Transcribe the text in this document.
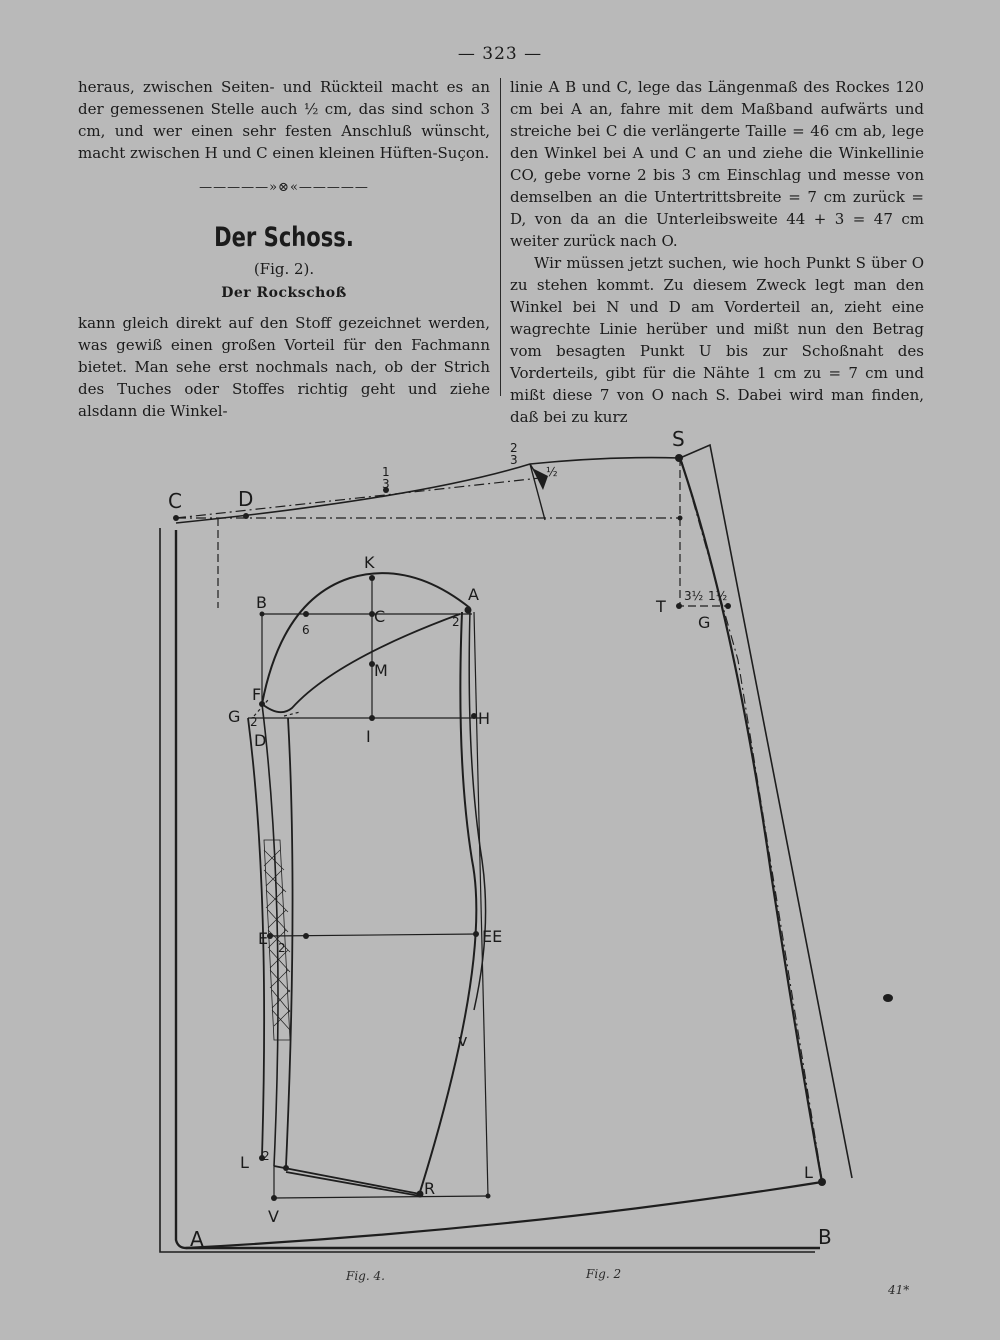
— 323 —

heraus, zwischen Seiten- und Rückteil macht es an der gemessenen Stelle auch ½ cm, das sind schon 3 cm, und wer einen sehr festen Anschluß wünscht, macht zwischen H und C einen kleinen Hüften-Suçon.

—————»⊗«—————
Der Schoss.
(Fig. 2).
Der Rockschoß

kann gleich direkt auf den Stoff gezeichnet werden, was gewiß einen großen Vorteil für den Fachmann bietet. Man sehe erst nochmals nach, ob der Strich des Tuches oder Stoffes richtig geht und ziehe alsdann die Winkel-

linie A B und C, lege das Längenmaß des Rockes 120 cm bei A an, fahre mit dem Maßband aufwärts und streiche bei C die verlängerte Taille = 46 cm ab, lege den Winkel bei A und C an und ziehe die Winkellinie CO, gebe vorne 2 bis 3 cm Einschlag und messe von demselben an die Untertrittsbreite = 7 cm zurück = D, von da an die Unterleibsweite 44 + 3 = 47 cm weiter zurück nach O.

Wir müssen jetzt suchen, wie hoch Punkt S über O zu stehen kommt. Zu diesem Zweck legt man den Winkel bei N und D am Vorderteil an, zieht eine wagrechte Linie herüber und mißt nun den Betrag vom besagten Punkt U bis zur Schoßnaht des Vorderteils, gibt für die Nähte 1 cm zu = 7 cm und mißt diese 7 von O nach S. Dabei wird man finden, daß bei zu kurz

S
C	D
1
3
2
3
½
K
B
C
A
6
2
M
F
G 2
D	I
H
E 2
EE
L 2
R
V
v
T
3½ 1½
G
L
A	B
Fig. 4.	Fig. 2
41*
